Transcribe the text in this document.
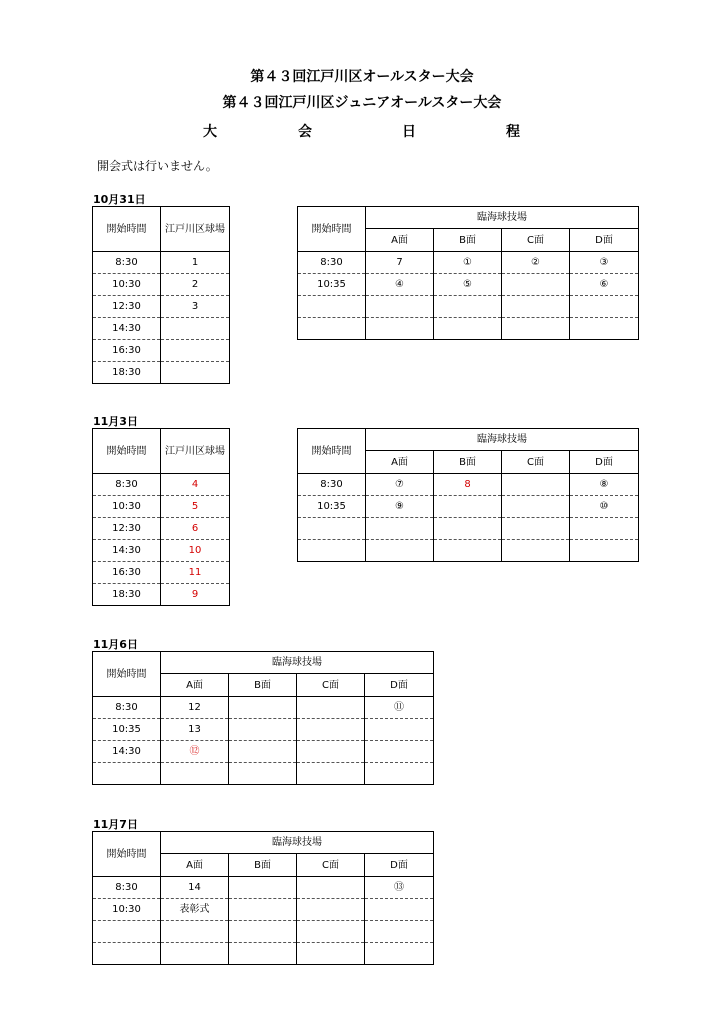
第４３回江戸川区オールスター大会
第４３回江戸川区ジュニアオールスター大会
大	会	日	程
開会式は行いません。
10月31日
開始時間	江戸川区球場
8:30	1
10:30	2
12:30	3
14:30	
16:30	
18:30	
開始時間	臨海球技場			
	A面	B面	C面	D面
8:30	7	①	②	③
10:35	④	⑤		⑥

11月3日
開始時間	江戸川区球場
8:30	4
10:30	5
12:30	6
14:30	10
16:30	11
18:30	9
開始時間	臨海球技場			
	A面	B面	C面	D面
8:30	⑦	8		⑧
10:35	⑨			⑩

11月6日
開始時間	臨海球技場			
	A面	B面	C面	D面
8:30	12			⑪
10:35	13			
14:30	⑫			

11月7日
開始時間	臨海球技場			
	A面	B面	C面	D面
8:30	14			⑬
10:30	表彰式			
